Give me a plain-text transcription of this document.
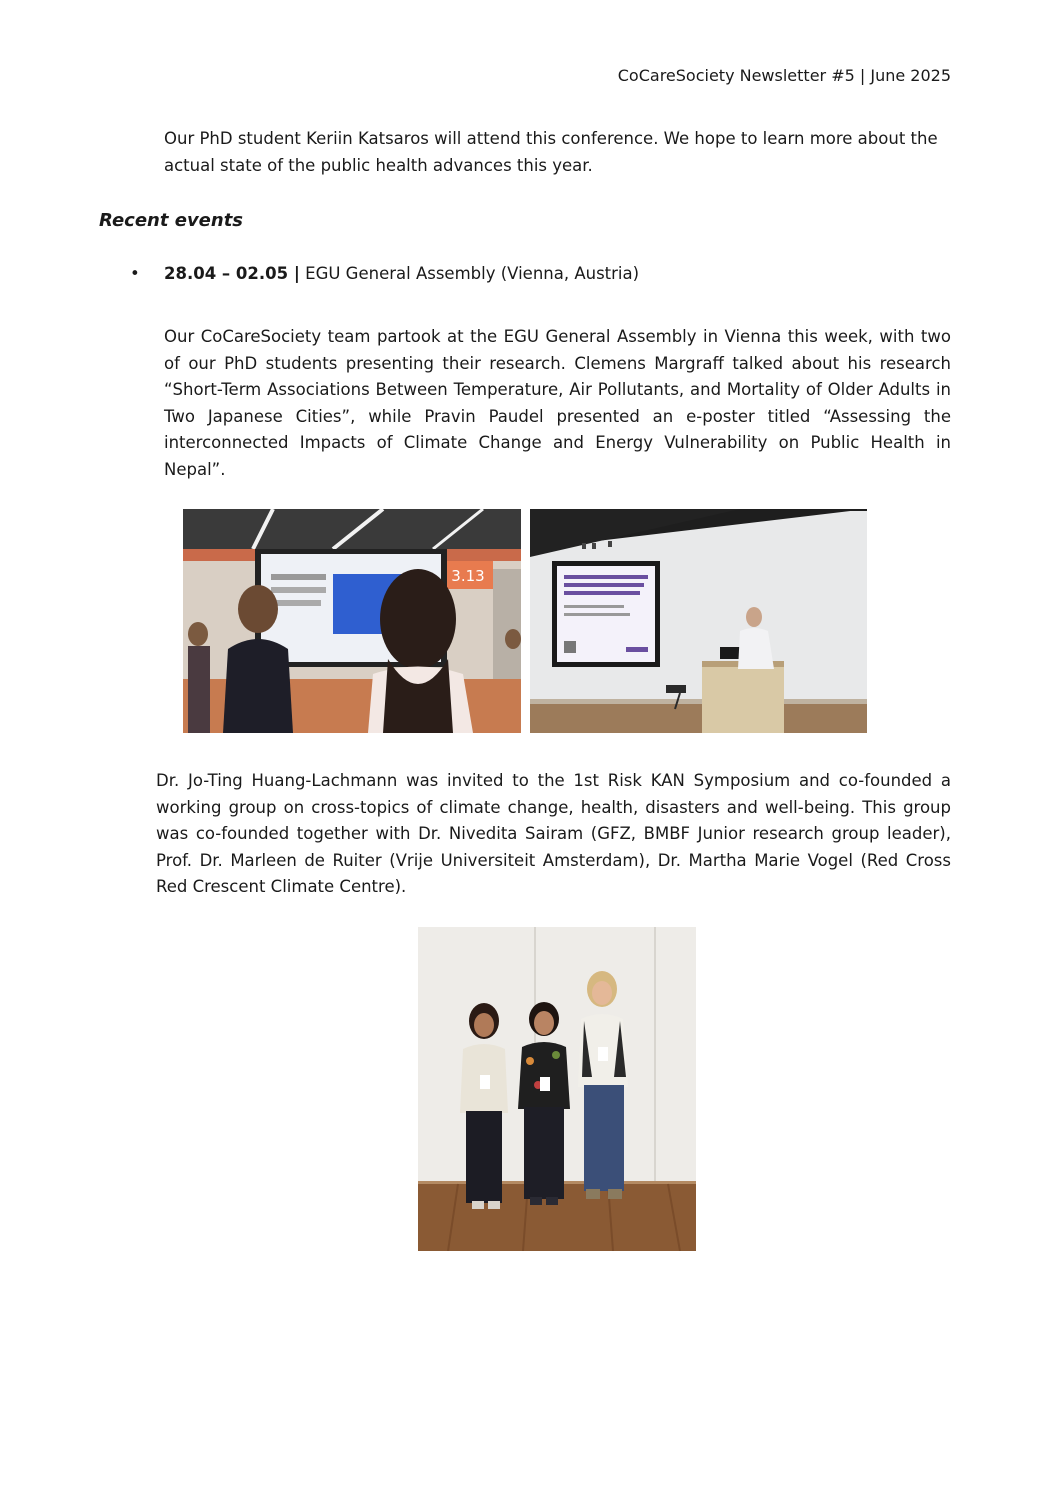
CoCareSociety Newsletter #5 | June 2025
Our PhD student Keriin Katsaros will attend this conference. We hope to learn more about the actual state of the public health advances this year.
Recent events
• 28.04 – 02.05 | EGU General Assembly (Vienna, Austria)
Our CoCareSociety team partook at the EGU General Assembly in Vienna this week, with two of our PhD students presenting their research. Clemens Margraff talked about his research “Short-Term Associations Between Temperature, Air Pollutants, and Mortality of Older Adults in Two Japanese Cities”, while Pravin Paudel presented an e-poster titled “Assessing the interconnected Impacts of Climate Change and Energy Vulnerability on Public Health in Nepal”.
3.13
Dr. Jo-Ting Huang-Lachmann was invited to the 1st Risk KAN Symposium and co-founded a working group on cross-topics of climate change, health, disasters and well-being. This group was co-founded together with Dr. Nivedita Sairam (GFZ, BMBF Junior research group leader), Prof. Dr. Marleen de Ruiter (Vrije Universiteit Amsterdam), Dr. Martha Marie Vogel (Red Cross Red Crescent Climate Centre).
